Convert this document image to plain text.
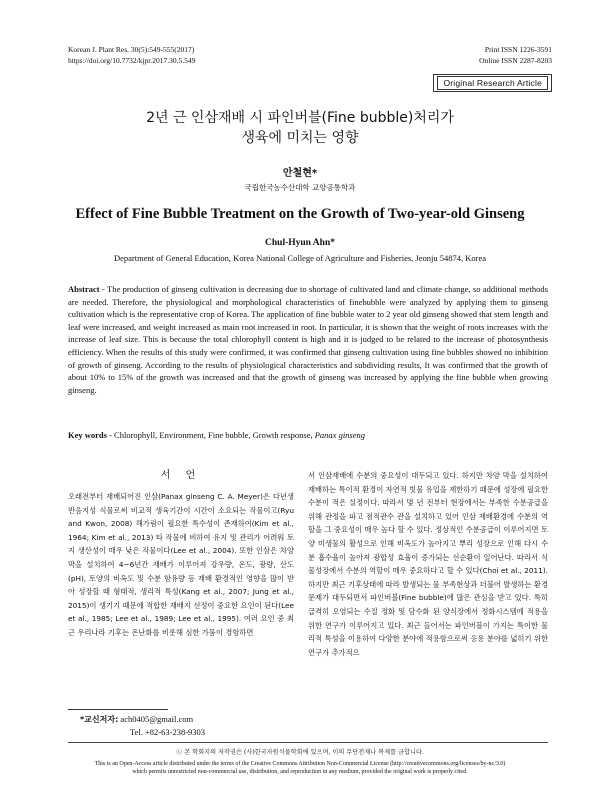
Korean J. Plant Res. 30(5):549-555(2017)
https://doi.org/10.7732/kjpr.2017.30.5.549
Print ISSN 1226-3591
Online ISSN 2287-8203
Original Research Article
2년 근 인삼재배 시 파인버블(Fine bubble)처리가
생육에 미치는 영향
안철현*
국립한국농수산대학 교양공통학과
Effect of Fine Bubble Treatment on the Growth of Two-year-old Ginseng
Chul-Hyun Ahn*
Department of General Education, Korea National College of Agriculture and Fisheries, Jeonju 54874, Korea
Abstract - The production of ginseng cultivation is decreasing due to shortage of cultivated land and climate change, so additional methods are needed. Therefore, the physiological and morphological characteristics of finebubble were analyzed by applying them to ginseng cultivation which is the representative crop of Korea. The application of fine bubble water to 2 year old ginseng showed that stem length and leaf were increased, and weight increased as main root increased in root. In particular, it is shown that the weight of roots increases with the increase of leaf size. This is because the total chlorophyll content is high and it is judged to be related to the increase of photosynthesis efficiency. When the results of this study were confirmed, it was confirmed that ginseng cultivation using fine bubbles showed no inhibition of growth of ginseng. According to the results of physiological characteristics and subdividing results, It was confirmed that the growth of about 10% to 15% of the growth was increased and that the growth of ginseng was increased by applying the fine bubble when growing ginseng.
Key words - Chlorophyll, Environment, Fine bubble, Growth response, Panax ginseng
서 언

오래전부터 재배되어진 인삼(Panax ginseng C. A. Meyer)은 다년생 반음지성 식물로써 비교적 생육기간이 시간이 소요되는 작물이고(Ryu and Kwon, 2008) 해가림이 필요한 특수성이 존재하여(Kim et al., 1964; Kim et al., 2013) 타 작물에 비하여 유지 및 관리가 어려워 토지 생산성이 매우 낮은 작물이다(Lee et al., 2004). 또한 인삼은 차양 막을 설치하여 4~6년간 재배가 이루어져 강우량, 온도, 광량, 산도(pH), 토양의 비옥도 및 수분 함유량 등 재배 환경적인 영향을 많이 받아 성장할 때 형태적, 생리적 특성(Kang et al., 2007; Jung et al., 2015)이 생기기 때문에 적합한 재배지 선정이 중요한 요인이 된다(Lee et al., 1985; Lee et al., 1989; Lee et al., 1995). 여러 요인 중 최근 우리나라 기후는 온난화를 비롯해 심한 가뭄이 경험하면

서 인삼재배에 수분의 중요성이 대두되고 있다. 하지만 차양 막을 설치하여 재배하는 특이적 환경이 자연적 빗물 유입을 제한하기 때문에 성장에 필요한 수분이 적은 실정이다. 따라서 몇 년 전부터 현장에서는 부족한 수분공급을 위해 관정을 파고 점적관수 관을 설치하고 있어 인삼 재배환경에 수분의 역할을 그 중요성이 매우 높다 할 수 있다. 정상적인 수분공급이 이루어지면 토양 미생물의 활성으로 인해 비옥도가 높아지고 뿌리 성장으로 인해 다시 수분 흡수율이 높아져 광합성 효율이 증가되는 선순환이 일어난다. 따라서 식물성장에서 수분의 역할이 매우 중요하다고 할 수 있다(Choi et al., 2011). 하지만 최근 기후상태에 따라 발생되는 물 부족현상과 더불어 발생하는 환경문제가 대두되면서 파인버블(Fine bubble)에 많은 관심을 받고 있다. 특히 급격히 오염되는 수질 정화 및 담수화 된 양식장에서 정화시스템에 적용을 위한 연구가 이루어지고 있다. 최근 들어서는 파인버블이 가지는 특이한 물리적 특성을 이용하여 다양한 분야에 적용함으로써 응용 분야를 넓히기 위한 연구가 추가적으

*교신저자: ach0405@gmail.com
Tel. +82-63-238-9303
ⓒ 본 학회지의 저작권은 (사)한국자원식물학회에 있으며, 이의 무단전재나 복제를 금합니다.
This is an Open-Access article distributed under the terms of the Creative Commons Attribution Non-Commercial License (http://creativecommons.org/licenses/by-nc/3.0)
which permits unrestricted non-commercial use, distribution, and reproduction in any medium, provided the original work is properly cited.
